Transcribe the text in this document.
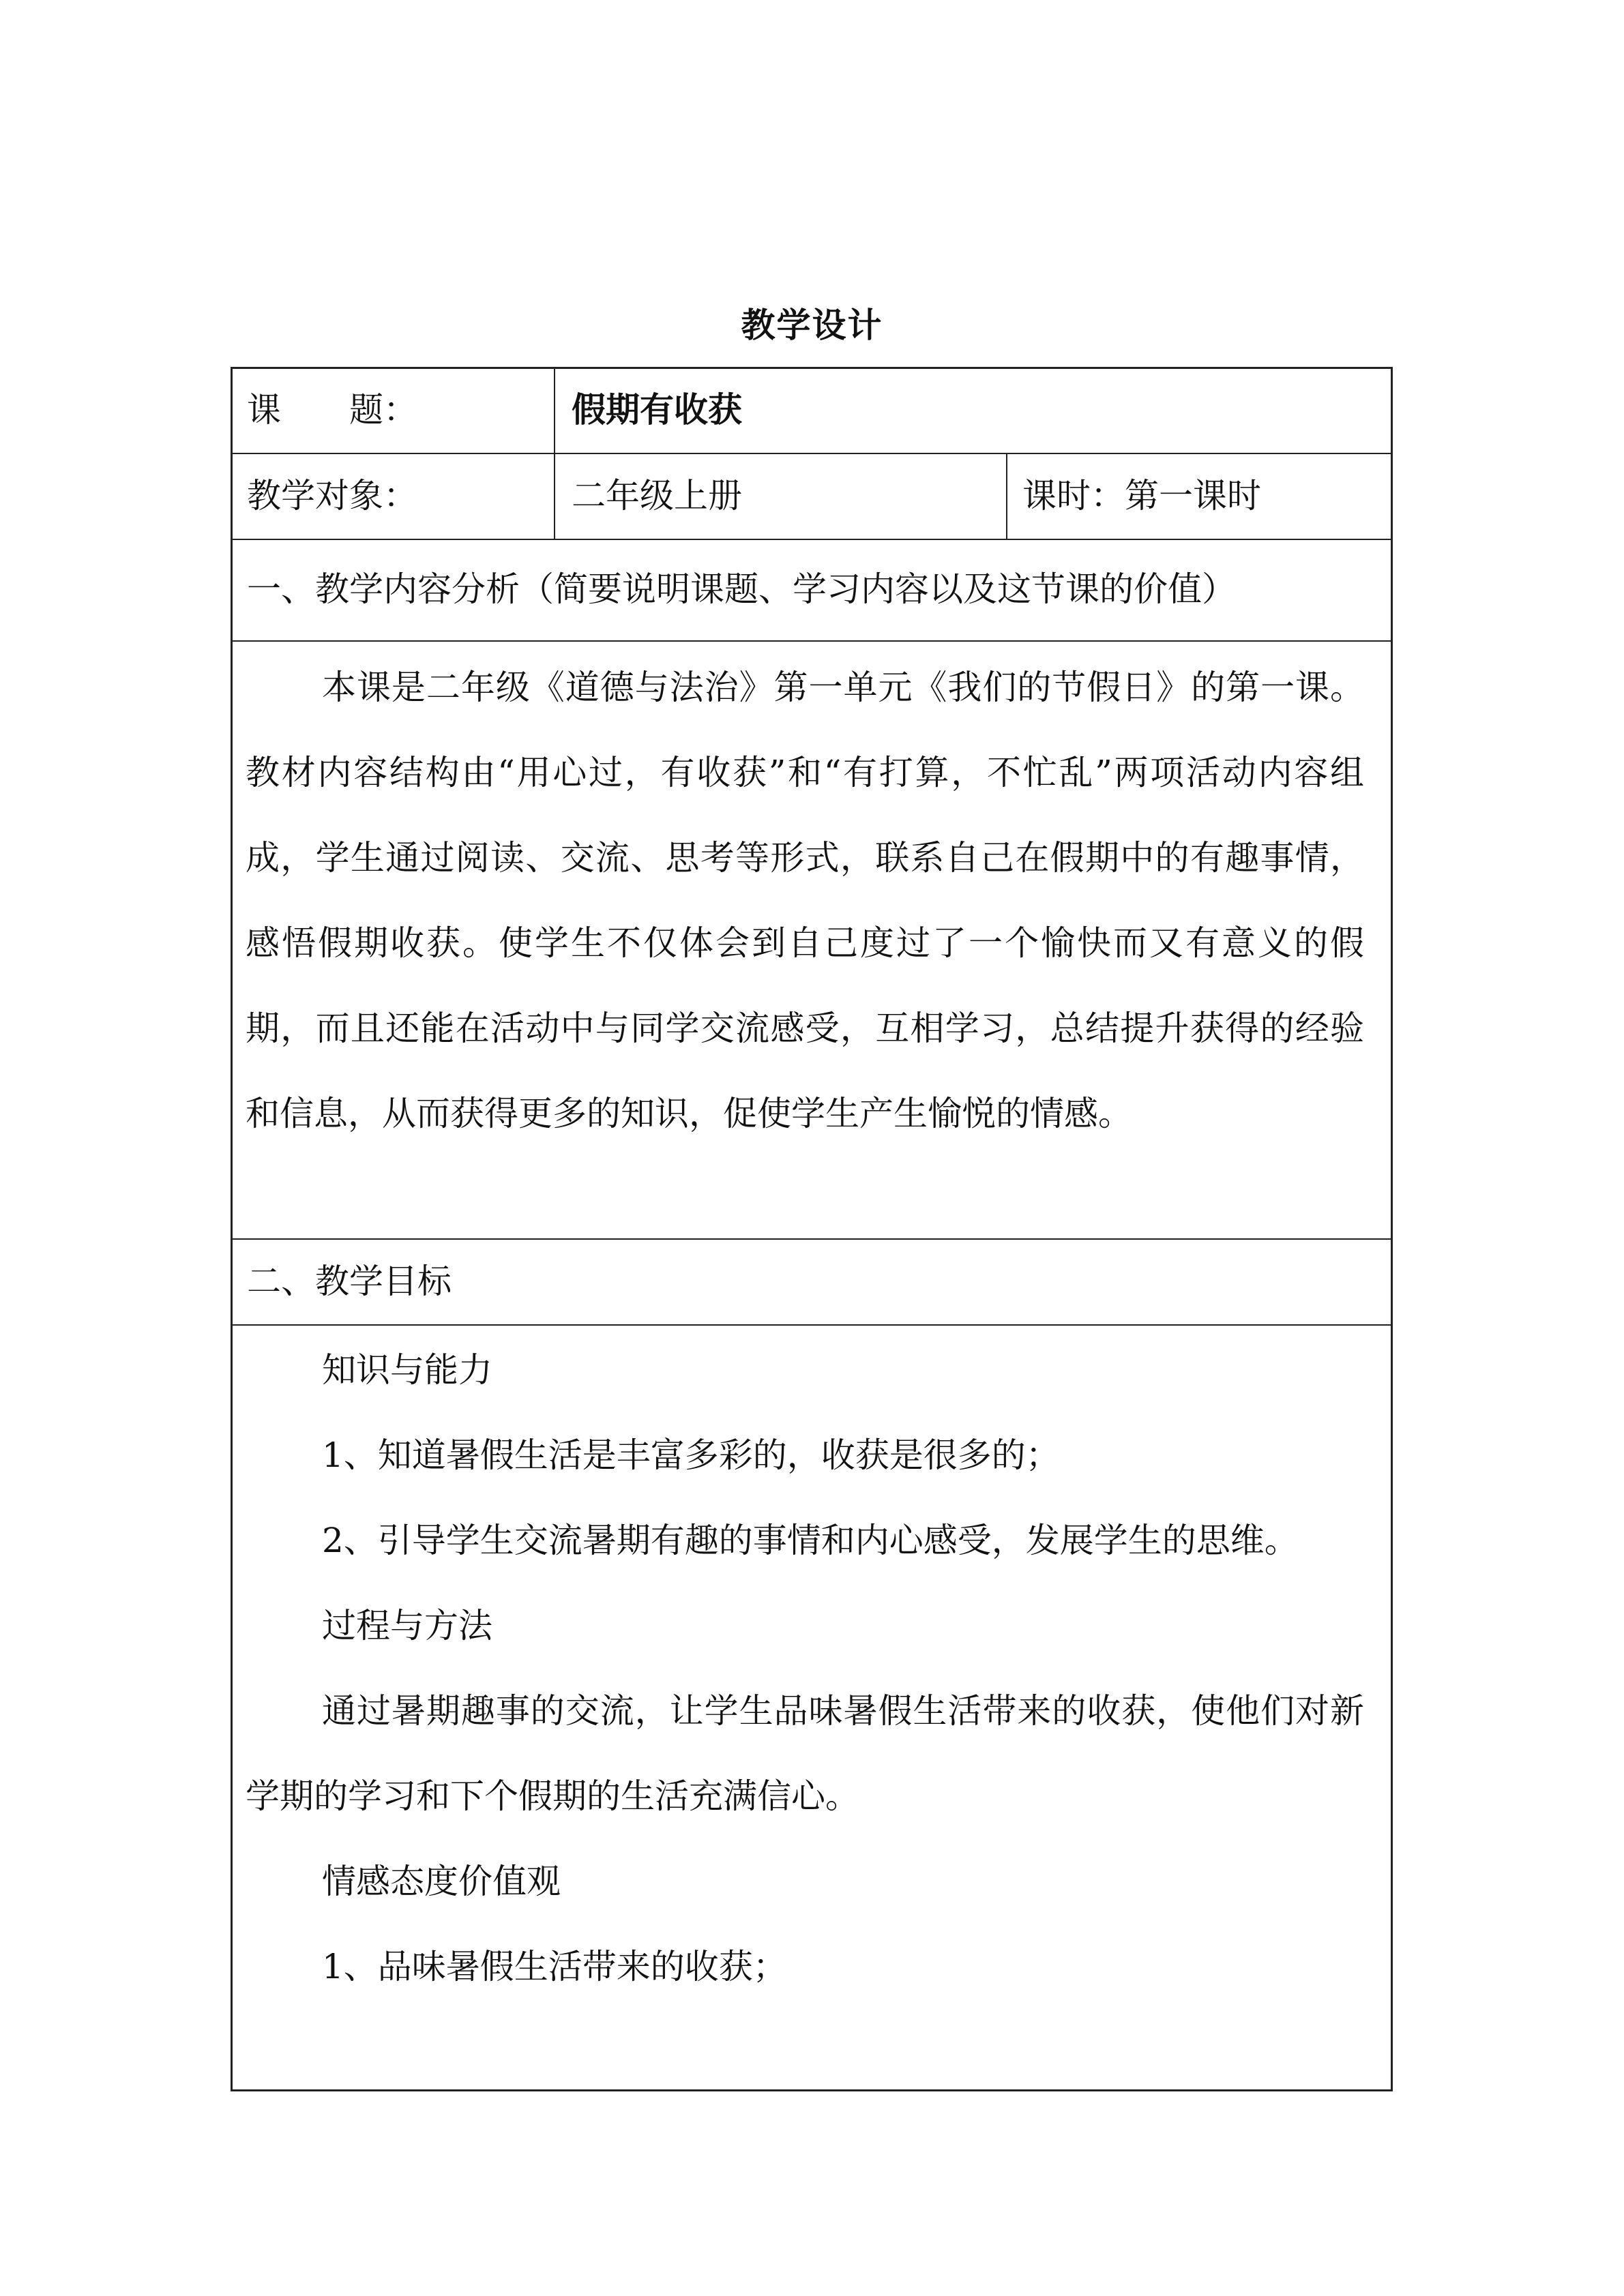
教学设计
课　　题：	假期有收获
教学对象：	二年级上册	课时：第一课时
一、教学内容分析（简要说明课题、学习内容以及这节课的价值）

本课是二年级《道德与法治》第一单元《我们的节假日》的第一课。教材内容结构由“用心过，有收获”和“有打算，不忙乱”两项活动内容组成，学生通过阅读、交流、思考等形式，联系自己在假期中的有趣事情，感悟假期收获。使学生不仅体会到自己度过了一个愉快而又有意义的假期，而且还能在活动中与同学交流感受，互相学习，总结提升获得的经验和信息，从而获得更多的知识，促使学生产生愉悦的情感。

二、教学目标

知识与能力

1、知道暑假生活是丰富多彩的，收获是很多的；

2、引导学生交流暑期有趣的事情和内心感受，发展学生的思维。

过程与方法

通过暑期趣事的交流，让学生品味暑假生活带来的收获，使他们对新学期的学习和下个假期的生活充满信心。

情感态度价值观

1、品味暑假生活带来的收获；
